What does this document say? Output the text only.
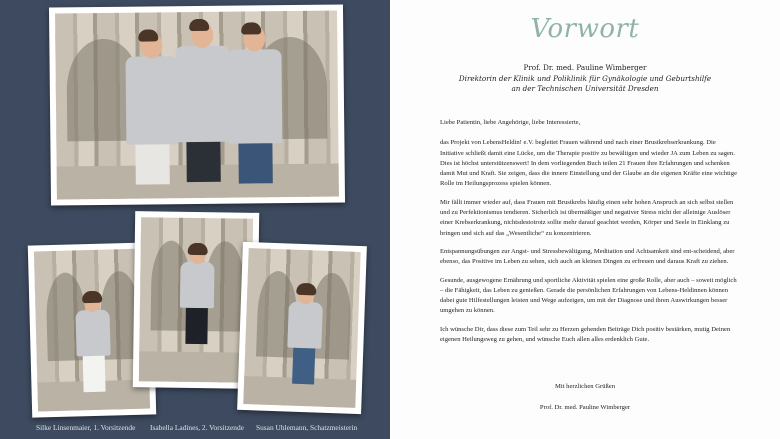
Silke Linsenmaier, 1. Vorsitzende Isabella Ladines, 2. Vorsitzende Susan Uhlemann, Schatzmeisterin
Vorwort
Prof. Dr. med. Pauline Wimberger
Direktorin der Klinik und Poliklinik für Gynäkologie und Geburtshilfe
an der Technischen Universität Dresden

Liebe Patientin, liebe Angehörige, liebe Interessierte,

das Projekt von LebensHeldin! e.V. begleitet Frauen während und nach einer Brustkrebserkrankung. Die Initiative schließt damit eine Lücke, um die Therapie positiv zu bewältigen und wieder JA zum Leben zu sagen. Dies ist höchst unterstützenswert! In dem vorliegenden Buch teilen 21 Frauen ihre Erfahrungen und schenken damit Mut und Kraft. Sie zeigen, dass die innere Einstellung und der Glaube an die eigenen Kräfte eine wichtige Rolle im Heilungsprozess spielen können.

Mir fällt immer wieder auf, dass Frauen mit Brustkrebs häufig einen sehr hohen Anspruch an sich selbst stellen und zu Perfektionismus tendieren. Sicherlich ist übermäßiger und negativer Stress nicht der alleinige Auslöser einer Krebserkrankung, nichtsdestotrotz sollte mehr darauf geachtet werden, Körper und Seele in Einklang zu bringen und sich auf das „Wesentliche“ zu konzentrieren.

Entspannungsübungen zur Angst- und Stressbewältigung, Meditation und Achtsamkeit sind ent-scheidend, aber ebenso, das Positive im Leben zu sehen, sich auch an kleinen Dingen zu erfreuen und daraus Kraft zu ziehen.

Gesunde, ausgewogene Ernährung und sportliche Aktivität spielen eine große Rolle, aber auch – soweit möglich – die Fähigkeit, das Leben zu genießen. Gerade die persönlichen Erfahrungen von Lebens-Heldinnen können dabei gute Hilfestellungen leisten und Wege aufzeigen, um mit der Diagnose und ihren Auswirkungen besser umgehen zu können.

Ich wünsche Dir, dass diese zum Teil sehr zu Herzen gehenden Beiträge Dich positiv bestärken, mutig Deinen eigenen Heilungsweg zu gehen, und wünsche Euch allen alles erdenklich Gute.

Mit herzlichen Grüßen
Prof. Dr. med. Pauline Wimberger
